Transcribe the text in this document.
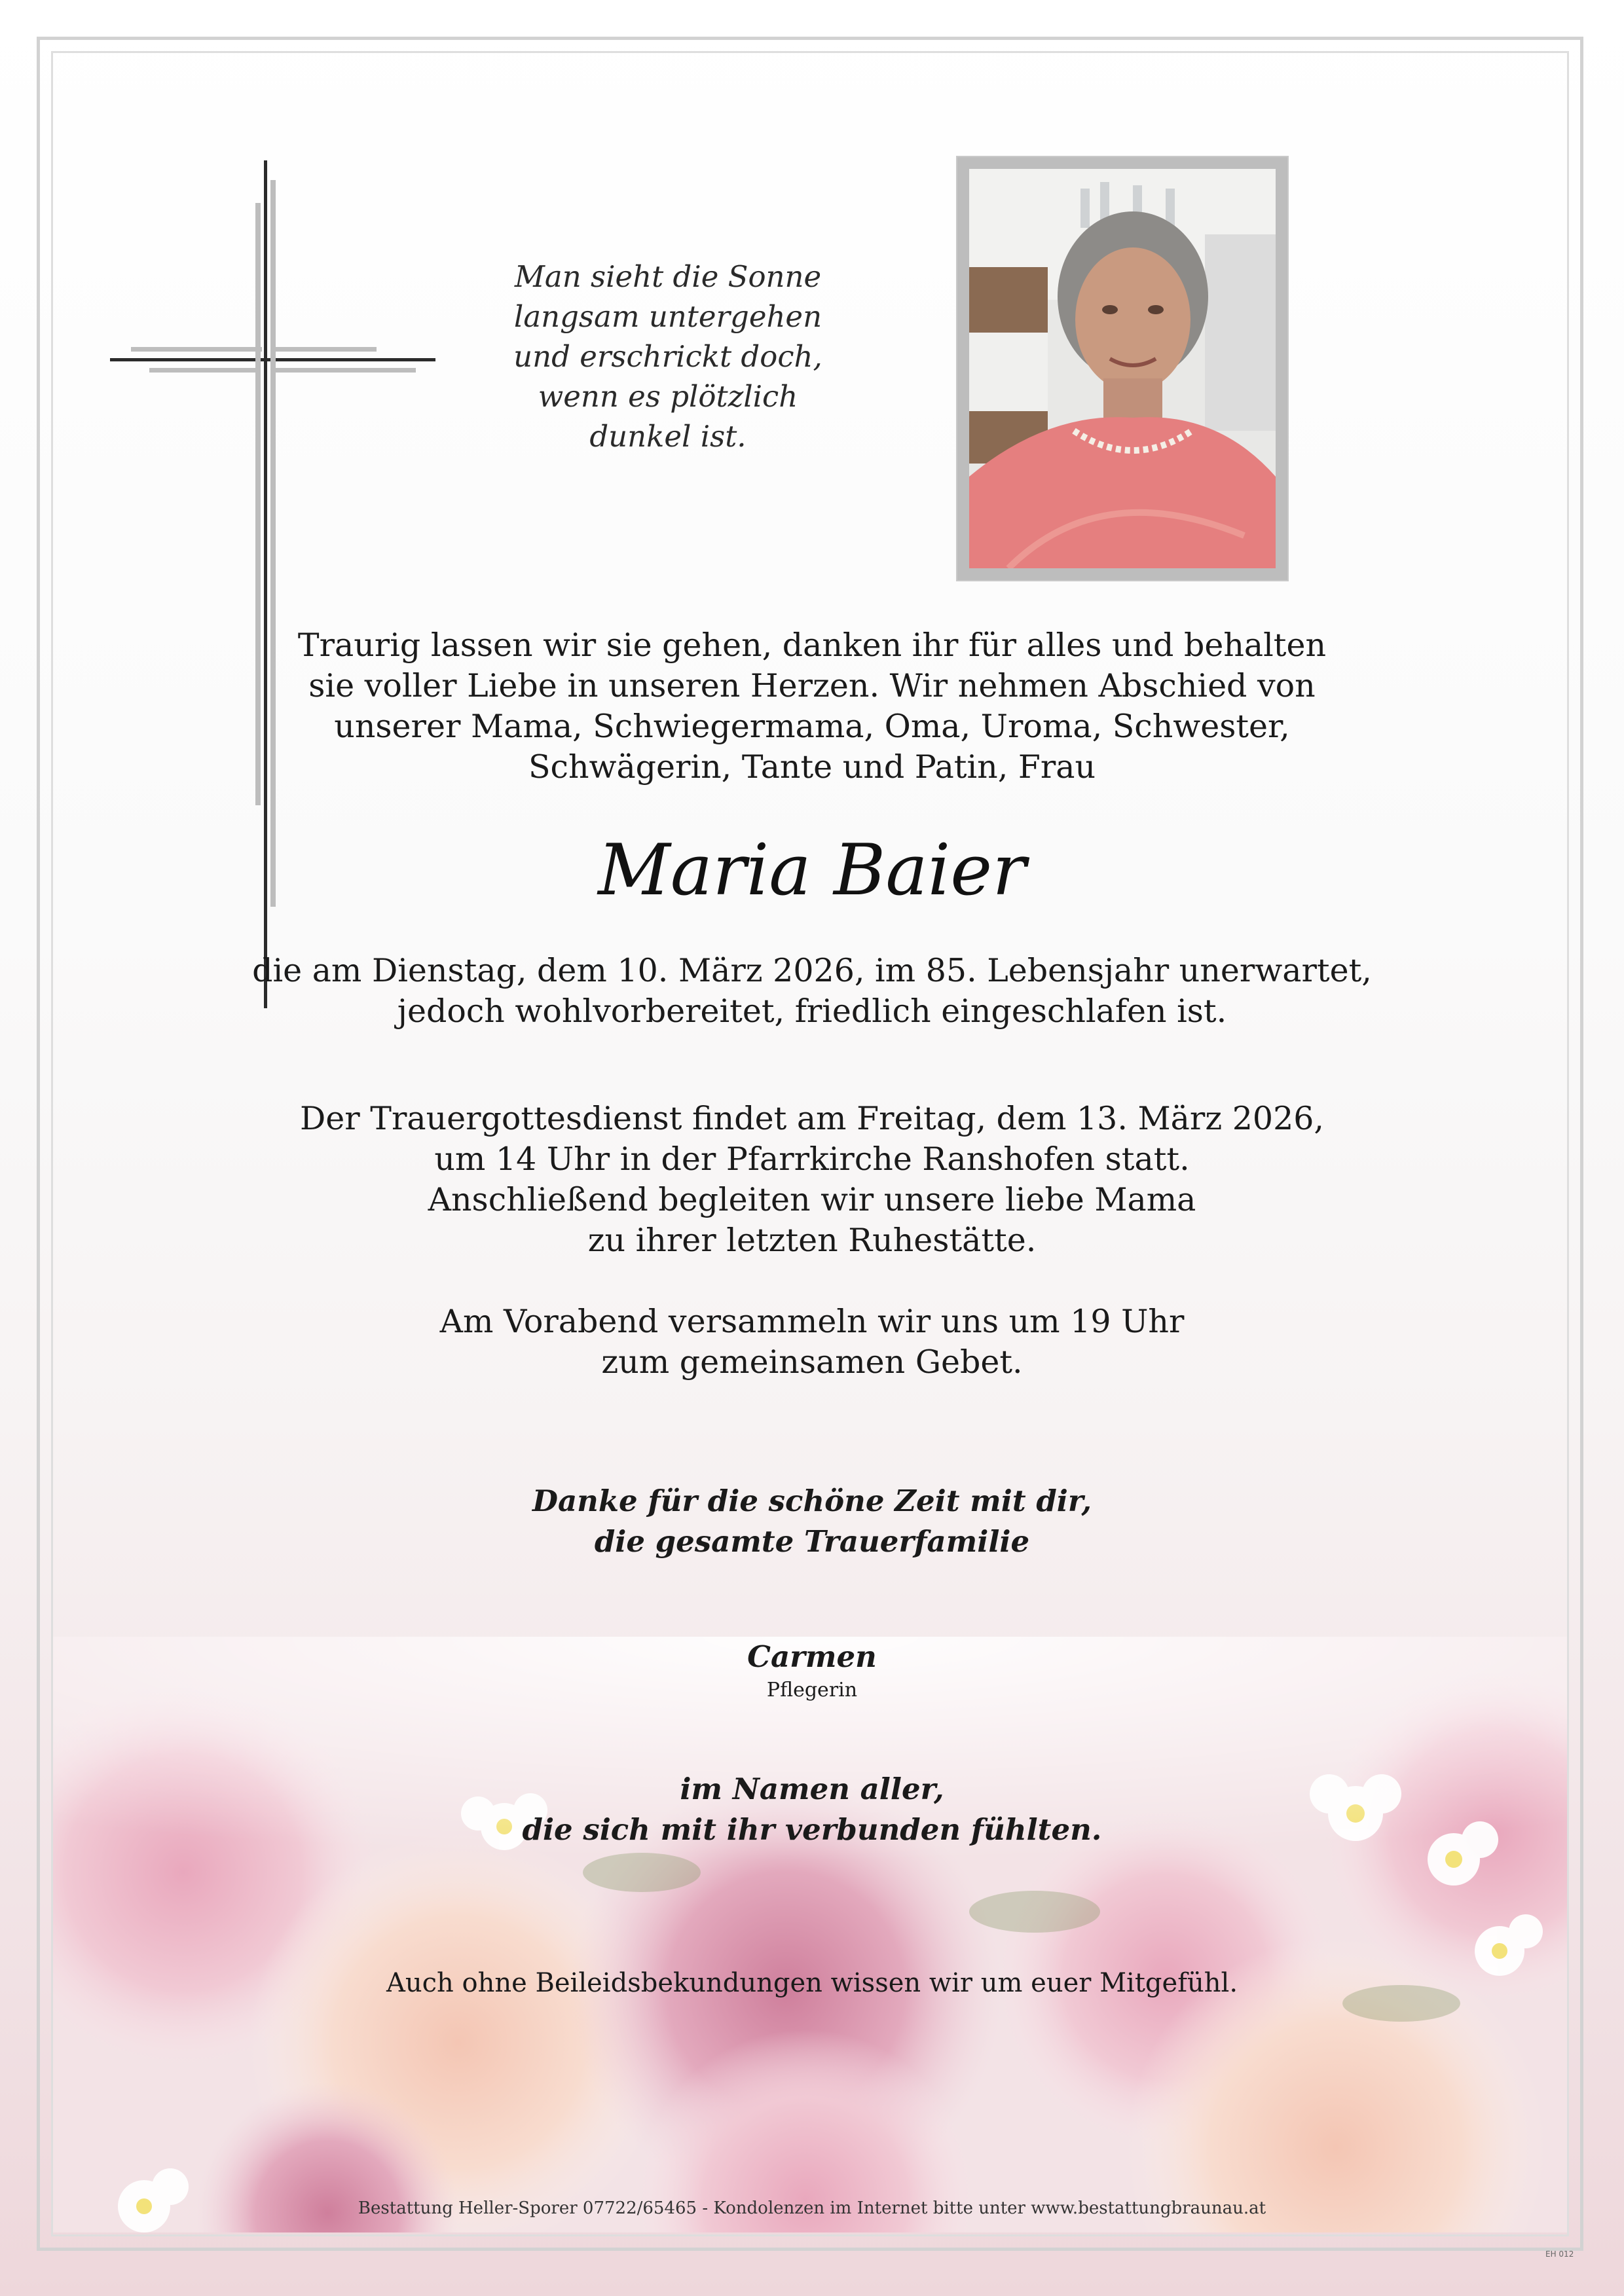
Man sieht die Sonne

langsam untergehen

und erschrickt doch,

wenn es plötzlich

dunkel ist.

Traurig lassen wir sie gehen, danken ihr für alles und behalten

sie voller Liebe in unseren Herzen. Wir nehmen Abschied von

unserer Mama, Schwiegermama, Oma, Uroma, Schwester,

Schwägerin, Tante und Patin, Frau

Maria Baier

die am Dienstag, dem 10. März 2026, im 85. Lebensjahr unerwartet,

jedoch wohlvorbereitet, friedlich eingeschlafen ist.

Der Trauergottesdienst findet am Freitag, dem 13. März 2026,

um 14 Uhr in der Pfarrkirche Ranshofen statt.

Anschließend begleiten wir unsere liebe Mama

zu ihrer letzten Ruhestätte.

Am Vorabend versammeln wir uns um 19 Uhr

zum gemeinsamen Gebet.

Danke für die schöne Zeit mit dir,

die gesamte Trauerfamilie

Carmen

Pflegerin

im Namen aller,

die sich mit ihr verbunden fühlten.

Auch ohne Beileidsbekundungen wissen wir um euer Mitgefühl.

Bestattung Heller-Sporer 07722/65465 - Kondolenzen im Internet bitte unter www.bestattungbraunau.at

EH 012
